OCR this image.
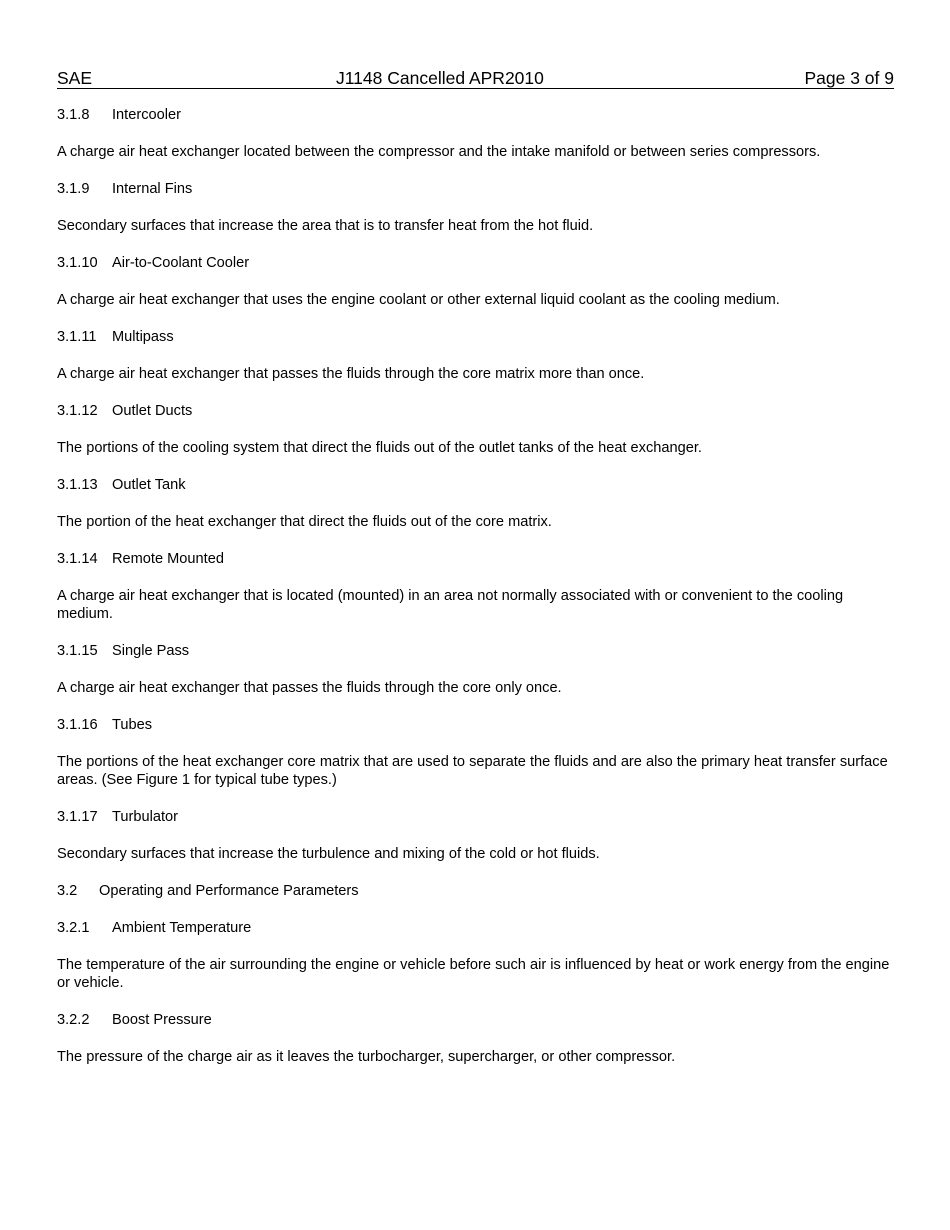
SAE	J1148 Cancelled APR2010	Page 3 of 9
3.1.8 Intercooler

A charge air heat exchanger located between the compressor and the intake manifold or between series compressors.

3.1.9 Internal Fins

Secondary surfaces that increase the area that is to transfer heat from the hot fluid.

3.1.10 Air-to-Coolant Cooler

A charge air heat exchanger that uses the engine coolant or other external liquid coolant as the cooling medium.

3.1.11 Multipass

A charge air heat exchanger that passes the fluids through the core matrix more than once.

3.1.12 Outlet Ducts

The portions of the cooling system that direct the fluids out of the outlet tanks of the heat exchanger.

3.1.13 Outlet Tank

The portion of the heat exchanger that direct the fluids out of the core matrix.

3.1.14 Remote Mounted

A charge air heat exchanger that is located (mounted) in an area not normally associated with or convenient to the cooling medium.

3.1.15 Single Pass

A charge air heat exchanger that passes the fluids through the core only once.

3.1.16 Tubes

The portions of the heat exchanger core matrix that are used to separate the fluids and are also the primary heat transfer surface areas. (See Figure 1 for typical tube types.)

3.1.17 Turbulator

Secondary surfaces that increase the turbulence and mixing of the cold or hot fluids.

3.2 Operating and Performance Parameters
3.2.1 Ambient Temperature

The temperature of the air surrounding the engine or vehicle before such air is influenced by heat or work energy from the engine or vehicle.

3.2.2 Boost Pressure

The pressure of the charge air as it leaves the turbocharger, supercharger, or other compressor.
